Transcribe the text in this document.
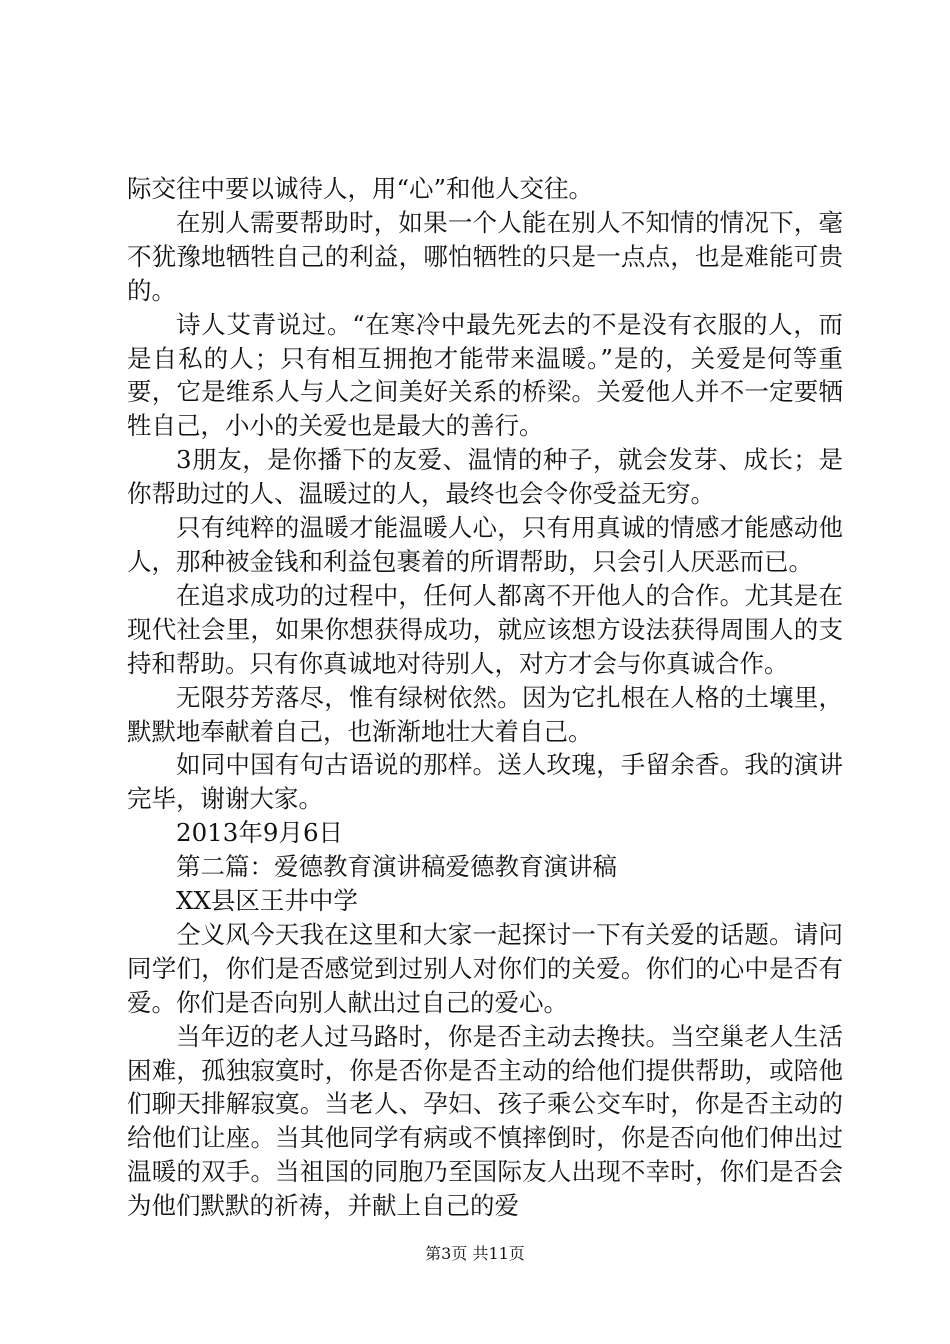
际交往中要以诚待人，用“心”和他人交往。

在别人需要帮助时，如果一个人能在别人不知情的情况下，毫不犹豫地牺牲自己的利益，哪怕牺牲的只是一点点，也是难能可贵的。

诗人艾青说过。“在寒冷中最先死去的不是没有衣服的人，而是自私的人；只有相互拥抱才能带来温暖。”是的，关爱是何等重要，它是维系人与人之间美好关系的桥梁。关爱他人并不一定要牺牲自己，小小的关爱也是最大的善行。

3朋友，是你播下的友爱、温情的种子，就会发芽、成长；是你帮助过的人、温暖过的人，最终也会令你受益无穷。

只有纯粹的温暖才能温暖人心，只有用真诚的情感才能感动他人，那种被金钱和利益包裹着的所谓帮助，只会引人厌恶而已。

在追求成功的过程中，任何人都离不开他人的合作。尤其是在现代社会里，如果你想获得成功，就应该想方设法获得周围人的支持和帮助。只有你真诚地对待别人，对方才会与你真诚合作。

无限芬芳落尽，惟有绿树依然。因为它扎根在人格的土壤里，默默地奉献着自己，也渐渐地壮大着自己。

如同中国有句古语说的那样。送人玫瑰，手留余香。我的演讲完毕，谢谢大家。

2013年9月6日

第二篇：爱德教育演讲稿爱德教育演讲稿

XX县区王井中学

仝义风今天我在这里和大家一起探讨一下有关爱的话题。请问同学们，你们是否感觉到过别人对你们的关爱。你们的心中是否有爱。你们是否向别人献出过自己的爱心。

当年迈的老人过马路时，你是否主动去搀扶。当空巢老人生活困难，孤独寂寞时，你是否你是否主动的给他们提供帮助，或陪他们聊天排解寂寞。当老人、孕妇、孩子乘公交车时，你是否主动的给他们让座。当其他同学有病或不慎摔倒时，你是否向他们伸出过温暖的双手。当祖国的同胞乃至国际友人出现不幸时，你们是否会为他们默默的祈祷，并献上自己的爱

第3页 共11页
